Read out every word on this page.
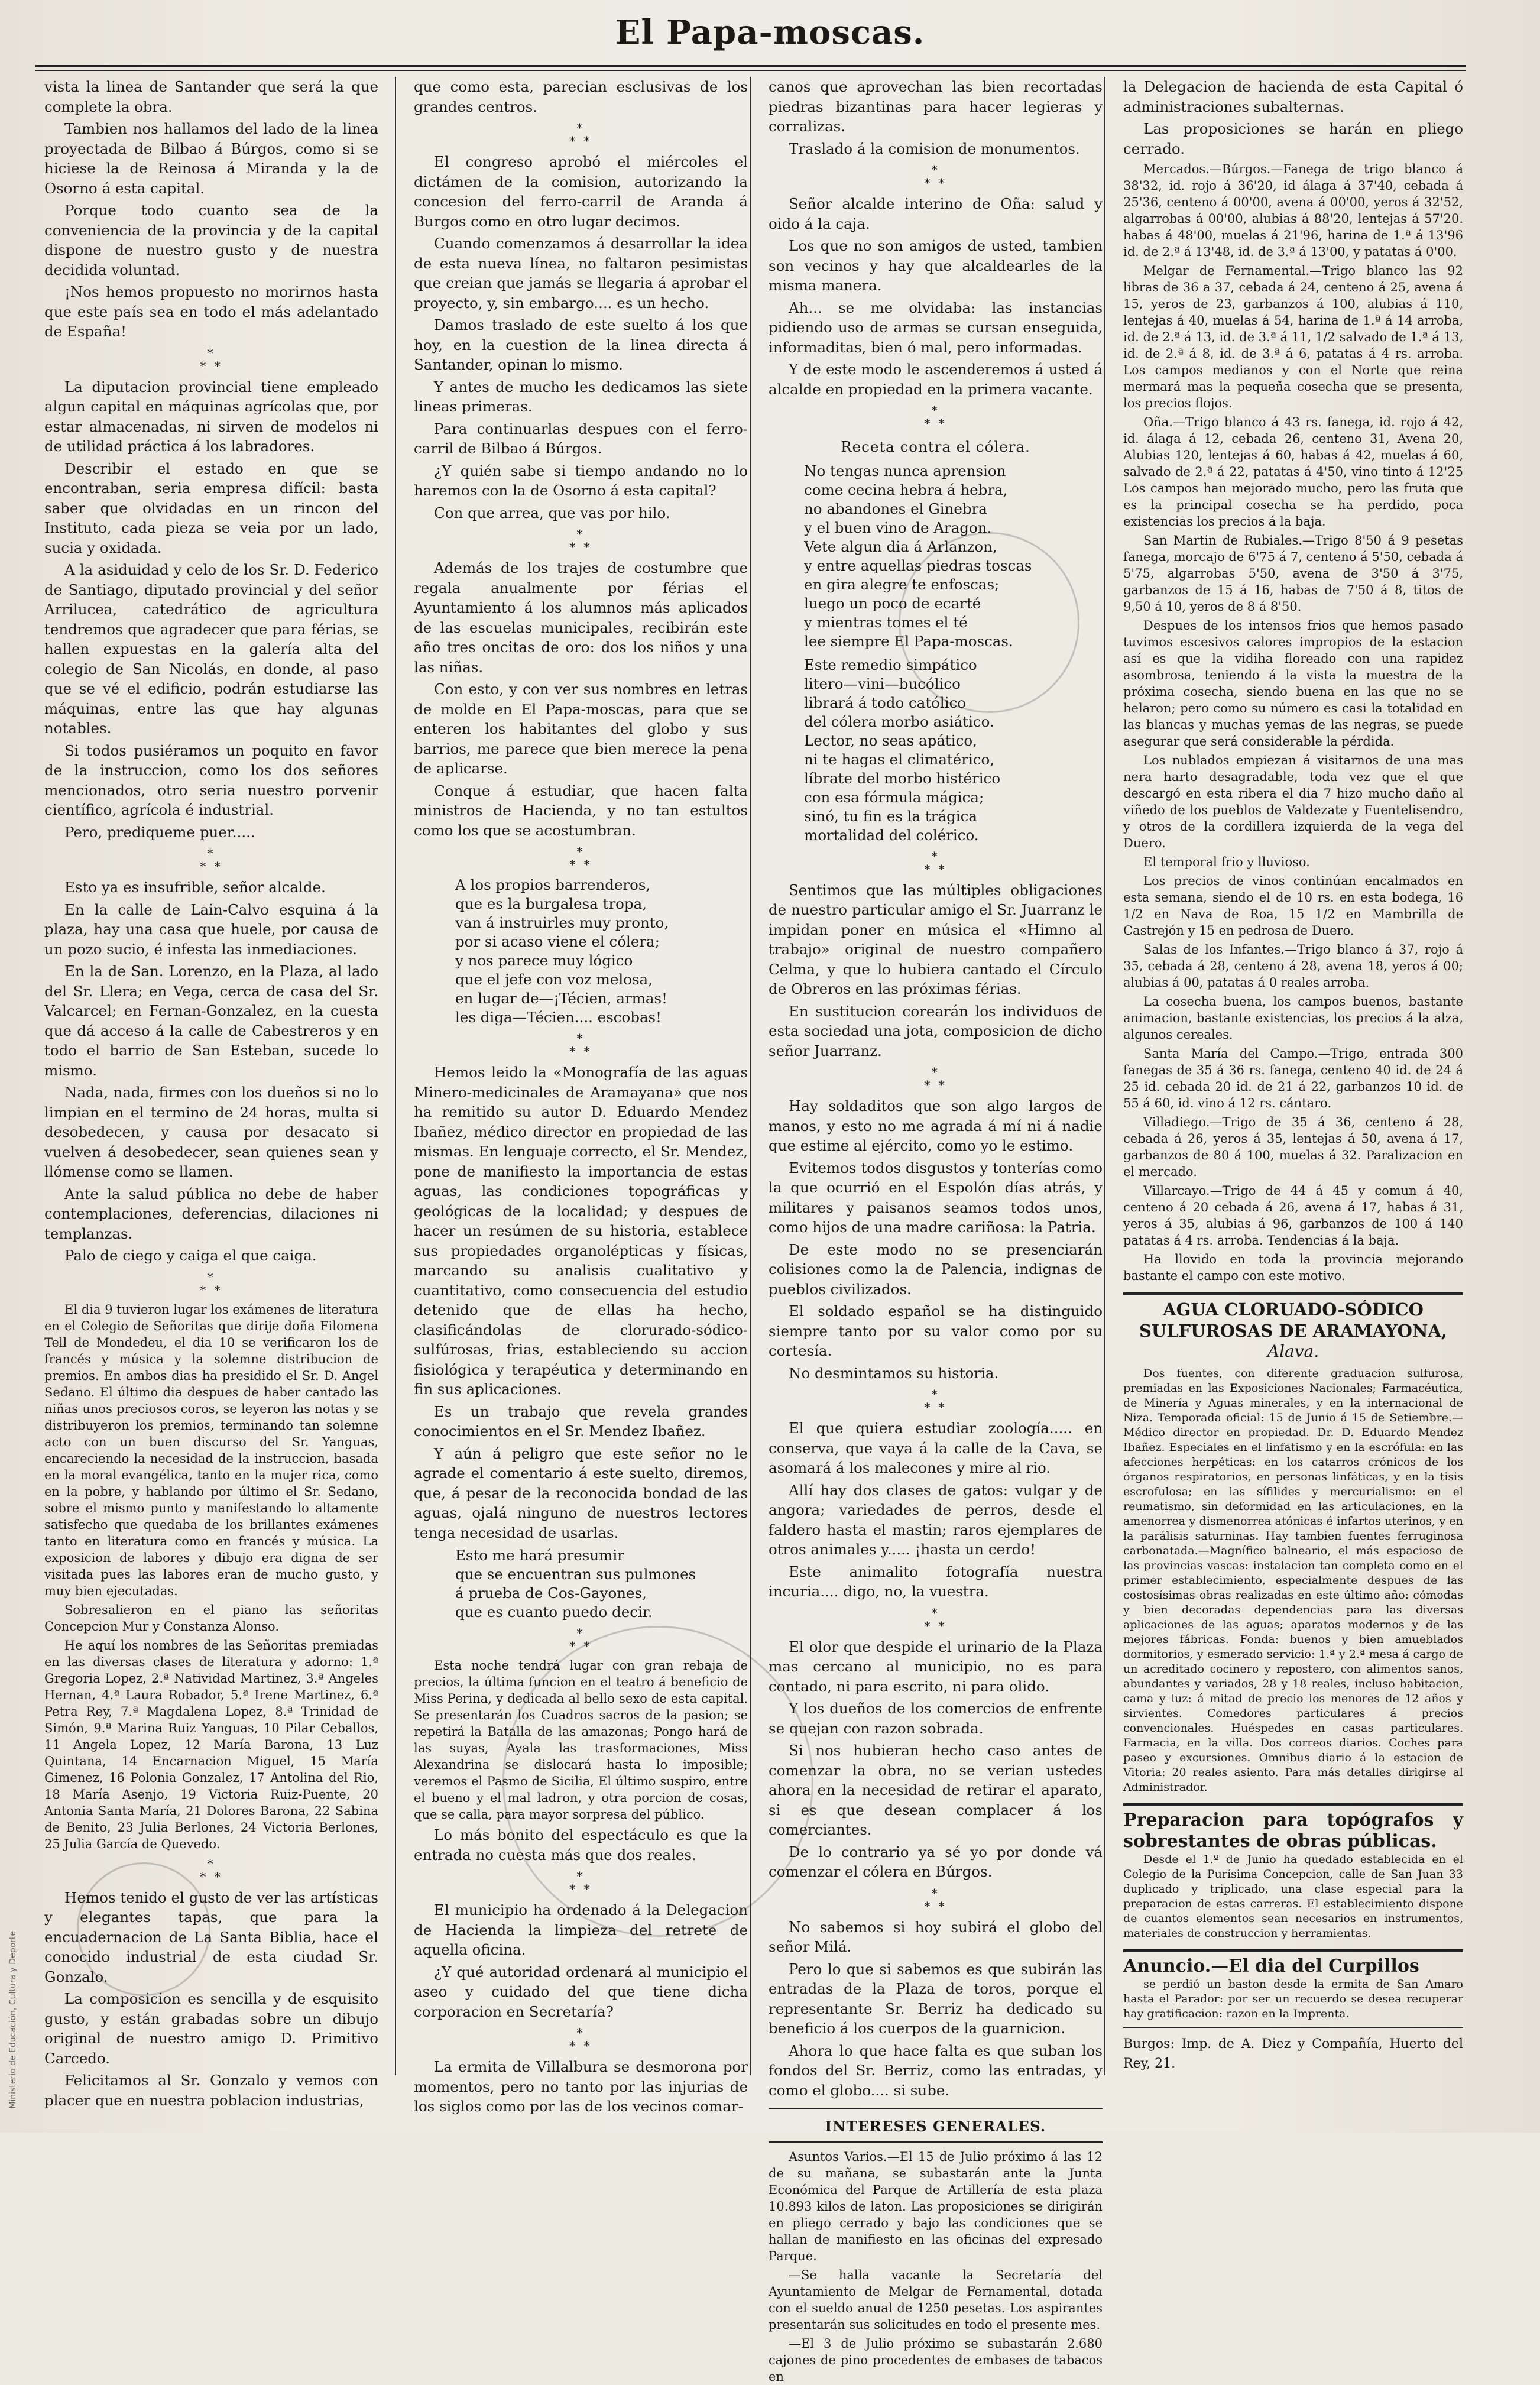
El Papa-moscas.

vista la linea de Santander que será la que complete la obra.

Tambien nos hallamos del lado de la linea proyectada de Bilbao á Búrgos, como si se hiciese la de Reinosa á Miranda y la de Osorno á esta capital.

Porque todo cuanto sea de la conveniencia de la provincia y de la capital dispone de nuestro gusto y de nuestra decidida voluntad.

¡Nos hemos propuesto no morirnos hasta que este país sea en todo el más adelantado de España!

*
* *

La diputacion provincial tiene empleado algun capital en máquinas agrícolas que, por estar almacenadas, ni sirven de modelos ni de utilidad práctica á los labradores.

Describir el estado en que se encontraban, seria empresa difícil: basta saber que olvidadas en un rincon del Instituto, cada pieza se veia por un lado, sucia y oxidada.

A la asiduidad y celo de los Sr. D. Federico de Santiago, diputado provincial y del señor Arrilucea, catedrático de agricultura tendremos que agradecer que para férias, se hallen expuestas en la galería alta del colegio de San Nicolás, en donde, al paso que se vé el edificio, podrán estudiarse las máquinas, entre las que hay algunas notables.

Si todos pusiéramos un poquito en favor de la instruccion, como los dos señores mencionados, otro seria nuestro porvenir científico, agrícola é industrial.

Pero, prediqueme puer.....

*
* *

Esto ya es insufrible, señor alcalde.

En la calle de Lain-Calvo esquina á la plaza, hay una casa que huele, por causa de un pozo sucio, é infesta las inmediaciones.

En la de San. Lorenzo, en la Plaza, al lado del Sr. Llera; en Vega, cerca de casa del Sr. Valcarcel; en Fernan-Gonzalez, en la cuesta que dá acceso á la calle de Cabestreros y en todo el barrio de San Esteban, sucede lo mismo.

Nada, nada, firmes con los dueños si no lo limpian en el termino de 24 horas, multa si desobedecen, y causa por desacato si vuelven á desobedecer, sean quienes sean y llómense como se llamen.

Ante la salud pública no debe de haber contemplaciones, deferencias, dilaciones ni templanzas.

Palo de ciego y caiga el que caiga.

*
* *

El dia 9 tuvieron lugar los exámenes de literatura en el Colegio de Señoritas que dirije doña Filomena Tell de Mondedeu, el dia 10 se verificaron los de francés y música y la solemne distribucion de premios. En ambos dias ha presidido el Sr. D. Angel Sedano. El último dia despues de haber cantado las niñas unos preciosos coros, se leyeron las notas y se distribuyeron los premios, terminando tan solemne acto con un buen discurso del Sr. Yanguas, encareciendo la necesidad de la instruccion, basada en la moral evangélica, tanto en la mujer rica, como en la pobre, y hablando por último el Sr. Sedano, sobre el mismo punto y manifestando lo altamente satisfecho que quedaba de los brillantes exámenes tanto en literatura como en francés y música. La exposicion de labores y dibujo era digna de ser visitada pues las labores eran de mucho gusto, y muy bien ejecutadas.

Sobresalieron en el piano las señoritas Concepcion Mur y Constanza Alonso.

He aquí los nombres de las Señoritas premiadas en las diversas clases de literatura y adorno: 1.ª Gregoria Lopez, 2.ª Natividad Martinez, 3.ª Angeles Hernan, 4.ª Laura Robador, 5.ª Irene Martinez, 6.ª Petra Rey, 7.ª Magdalena Lopez, 8.ª Trinidad de Simón, 9.ª Marina Ruiz Yanguas, 10 Pilar Ceballos, 11 Angela Lopez, 12 María Barona, 13 Luz Quintana, 14 Encarnacion Miguel, 15 María Gimenez, 16 Polonia Gonzalez, 17 Antolina del Rio, 18 María Asenjo, 19 Victoria Ruiz-Puente, 20 Antonia Santa María, 21 Dolores Barona, 22 Sabina de Benito, 23 Julia Berlones, 24 Victoria Berlones, 25 Julia García de Quevedo.

*
* *

Hemos tenido el gusto de ver las artísticas y elegantes tapas, que para la encuadernacion de La Santa Biblia, hace el conocido industrial de esta ciudad Sr. Gonzalo.

La composicion es sencilla y de esquisito gusto, y están grabadas sobre un dibujo original de nuestro amigo D. Primitivo Carcedo.

Felicitamos al Sr. Gonzalo y vemos con placer que en nuestra poblacion industrias,

que como esta, parecian esclusivas de los grandes centros.

*
* *

El congreso aprobó el miércoles el dictámen de la comision, autorizando la concesion del ferro-carril de Aranda á Burgos como en otro lugar decimos.

Cuando comenzamos á desarrollar la idea de esta nueva línea, no faltaron pesimistas que creian que jamás se llegaria á aprobar el proyecto, y, sin embargo.... es un hecho.

Damos traslado de este suelto á los que hoy, en la cuestion de la linea directa á Santander, opinan lo mismo.

Y antes de mucho les dedicamos las siete lineas primeras.

Para continuarlas despues con el ferro-carril de Bilbao á Búrgos.

¿Y quién sabe si tiempo andando no lo haremos con la de Osorno á esta capital?

Con que arrea, que vas por hilo.

*
* *

Además de los trajes de costumbre que regala anualmente por férias el Ayuntamiento á los alumnos más aplicados de las escuelas municipales, recibirán este año tres oncitas de oro: dos los niños y una las niñas.

Con esto, y con ver sus nombres en letras de molde en El Papa-moscas, para que se enteren los habitantes del globo y sus barrios, me parece que bien merece la pena de aplicarse.

Conque á estudiar, que hacen falta ministros de Hacienda, y no tan estultos como los que se acostumbran.

*
* *
A los propios barrenderos,
que es la burgalesa tropa,
van á instruirles muy pronto,
por si acaso viene el cólera;
y nos parece muy lógico
que el jefe con voz melosa,
en lugar de—¡Técien, armas!
les diga—Técien.... escobas!
*
* *

Hemos leido la «Monografía de las aguas Minero-medicinales de Aramayana» que nos ha remitido su autor D. Eduardo Mendez Ibañez, médico director en propiedad de las mismas. En lenguaje correcto, el Sr. Mendez, pone de manifiesto la importancia de estas aguas, las condiciones topográficas y geológicas de la localidad; y despues de hacer un resúmen de su historia, establece sus propiedades organolépticas y físicas, marcando su analisis cualitativo y cuantitativo, como consecuencia del estudio detenido que de ellas ha hecho, clasificándolas de clorurado-sódico-sulfúrosas, frias, estableciendo su accion fisiológica y terapéutica y determinando en fin sus aplicaciones.

Es un trabajo que revela grandes conocimientos en el Sr. Mendez Ibañez.

Y aún á peligro que este señor no le agrade el comentario á este suelto, diremos, que, á pesar de la reconocida bondad de las aguas, ojalá ninguno de nuestros lectores tenga necesidad de usarlas.

Esto me hará presumir
que se encuentran sus pulmones
á prueba de Cos-Gayones,
que es cuanto puedo decir.
*
* *

Esta noche tendrá lugar con gran rebaja de precios, la última funcion en el teatro á beneficio de Miss Perina, y dedicada al bello sexo de esta capital. Se presentarán los Cuadros sacros de la pasion; se repetirá la Batalla de las amazonas; Pongo hará de las suyas, Ayala las trasformaciones, Miss Alexandrina se dislocará hasta lo imposible; veremos el Pasmo de Sicilia, El último suspiro, entre el bueno y el mal ladron, y otra porcion de cosas, que se calla, para mayor sorpresa del público.

Lo más bonito del espectáculo es que la entrada no cuesta más que dos reales.

*
* *

El municipio ha ordenado á la Delegacion de Hacienda la limpieza del retrete de aquella oficina.

¿Y qué autoridad ordenará al municipio el aseo y cuidado del que tiene dicha corporacion en Secretaría?

*
* *

La ermita de Villalbura se desmorona por momentos, pero no tanto por las injurias de los siglos como por las de los vecinos comar-

canos que aprovechan las bien recortadas piedras bizantinas para hacer legieras y corralizas.

Traslado á la comision de monumentos.

*
* *

Señor alcalde interino de Oña: salud y oido á la caja.

Los que no son amigos de usted, tambien son vecinos y hay que alcaldearles de la misma manera.

Ah... se me olvidaba: las instancias pidiendo uso de armas se cursan enseguida, informaditas, bien ó mal, pero informadas.

Y de este modo le ascenderemos á usted á alcalde en propiedad en la primera vacante.

*
* *
Receta contra el cólera.
No tengas nunca aprension
come cecina hebra á hebra,
no abandones el Ginebra
y el buen vino de Aragon.
Vete algun dia á Arlanzon,
y entre aquellas piedras toscas
en gira alegre te enfoscas;
luego un poco de ecarté
y mientras tomes el té
lee siempre El Papa-moscas.
Este remedio simpático
litero—vini—bucólico
librará á todo católico
del cólera morbo asiático.
Lector, no seas apático,
ni te hagas el climatérico,
líbrate del morbo histérico
con esa fórmula mágica;
sinó, tu fin es la trágica
mortalidad del colérico.
*
* *

Sentimos que las múltiples obligaciones de nuestro particular amigo el Sr. Juarranz le impidan poner en música el «Himno al trabajo» original de nuestro compañero Celma, y que lo hubiera cantado el Círculo de Obreros en las próximas férias.

En sustitucion corearán los individuos de esta sociedad una jota, composicion de dicho señor Juarranz.

*
* *

Hay soldaditos que son algo largos de manos, y esto no me agrada á mí ni á nadie que estime al ejército, como yo le estimo.

Evitemos todos disgustos y tonterías como la que ocurrió en el Espolón días atrás, y militares y paisanos seamos todos unos, como hijos de una madre cariñosa: la Patria.

De este modo no se presenciarán colisiones como la de Palencia, indignas de pueblos civilizados.

El soldado español se ha distinguido siempre tanto por su valor como por su cortesía.

No desmintamos su historia.

*
* *

El que quiera estudiar zoología..... en conserva, que vaya á la calle de la Cava, se asomará á los malecones y mire al rio.

Allí hay dos clases de gatos: vulgar y de angora; variedades de perros, desde el faldero hasta el mastin; raros ejemplares de otros animales y..... ¡hasta un cerdo!

Este animalito fotografía nuestra incuria.... digo, no, la vuestra.

*
* *

El olor que despide el urinario de la Plaza mas cercano al municipio, no es para contado, ni para escrito, ni para olido.

Y los dueños de los comercios de enfrente se quejan con razon sobrada.

Si nos hubieran hecho caso antes de comenzar la obra, no se verian ustedes ahora en la necesidad de retirar el aparato, si es que desean complacer á los comerciantes.

De lo contrario ya sé yo por donde vá comenzar el cólera en Búrgos.

*
* *

No sabemos si hoy subirá el globo del señor Milá.

Pero lo que si sabemos es que subirán las entradas de la Plaza de toros, porque el representante Sr. Berriz ha dedicado su beneficio á los cuerpos de la guarnicion.

Ahora lo que hace falta es que suban los fondos del Sr. Berriz, como las entradas, y como el globo.... si sube.

INTERESES GENERALES.

Asuntos Varios.—El 15 de Julio próximo á las 12 de su mañana, se subastarán ante la Junta Económica del Parque de Artillería de esta plaza 10.893 kilos de laton. Las proposiciones se dirigirán en pliego cerrado y bajo las condiciones que se hallan de manifiesto en las oficinas del expresado Parque.

—Se halla vacante la Secretaría del Ayuntamiento de Melgar de Fernamental, dotada con el sueldo anual de 1250 pesetas. Los aspirantes presentarán sus solicitudes en todo el presente mes.

—El 3 de Julio próximo se subastarán 2.680 cajones de pino procedentes de embases de tabacos en

la Delegacion de hacienda de esta Capital ó administraciones subalternas.

Las proposiciones se harán en pliego cerrado.

Mercados.—Búrgos.—Fanega de trigo blanco á 38'32, id. rojo á 36'20, id álaga á 37'40, cebada á 25'36, centeno á 00'00, avena á 00'00, yeros á 32'52, algarrobas á 00'00, alubias á 88'20, lentejas á 57'20. habas á 48'00, muelas á 21'96, harina de 1.ª á 13'96 id. de 2.ª á 13'48, id. de 3.ª á 13'00, y patatas á 0'00.

Melgar de Fernamental.—Trigo blanco las 92 libras de 36 a 37, cebada á 24, centeno á 25, avena á 15, yeros de 23, garbanzos á 100, alubias á 110, lentejas á 40, muelas á 54, harina de 1.ª á 14 arroba, id. de 2.ª á 13, id. de 3.ª á 11, 1/2 salvado de 1.ª á 13, id. de 2.ª á 8, id. de 3.ª á 6, patatas á 4 rs. arroba. Los campos medianos y con el Norte que reina mermará mas la pequeña cosecha que se presenta, los precios flojos.

Oña.—Trigo blanco á 43 rs. fanega, id. rojo á 42, id. álaga á 12, cebada 26, centeno 31, Avena 20, Alubias 120, lentejas á 60, habas á 42, muelas á 60, salvado de 2.ª á 22, patatas á 4'50, vino tinto á 12'25 Los campos han mejorado mucho, pero las fruta que es la principal cosecha se ha perdido, poca existencias los precios á la baja.

San Martin de Rubiales.—Trigo 8'50 á 9 pesetas fanega, morcajo de 6'75 á 7, centeno á 5'50, cebada á 5'75, algarrobas 5'50, avena de 3'50 á 3'75, garbanzos de 15 á 16, habas de 7'50 á 8, titos de 9,50 á 10, yeros de 8 á 8'50.

Despues de los intensos frios que hemos pasado tuvimos escesivos calores impropios de la estacion así es que la vidiha floreado con una rapidez asombrosa, teniendo á la vista la muestra de la próxima cosecha, siendo buena en las que no se helaron; pero como su número es casi la totalidad en las blancas y muchas yemas de las negras, se puede asegurar que será considerable la pérdida.

Los nublados empiezan á visitarnos de una mas nera harto desagradable, toda vez que el que descargó en esta ribera el dia 7 hizo mucho daño al viñedo de los pueblos de Valdezate y Fuentelisendro, y otros de la cordillera izquierda de la vega del Duero.

El temporal frio y lluvioso.

Los precios de vinos continúan encalmados en esta semana, siendo el de 10 rs. en esta bodega, 16 1/2 en Nava de Roa, 15 1/2 en Mambrilla de Castrejón y 15 en pedrosa de Duero.

Salas de los Infantes.—Trigo blanco á 37, rojo á 35, cebada á 28, centeno á 28, avena 18, yeros á 00; alubias á 00, patatas á 0 reales arroba.

La cosecha buena, los campos buenos, bastante animacion, bastante existencias, los precios á la alza, algunos cereales.

Santa María del Campo.—Trigo, entrada 300 fanegas de 35 á 36 rs. fanega, centeno 40 id. de 24 á 25 id. cebada 20 id. de 21 á 22, garbanzos 10 id. de 55 á 60, id. vino á 12 rs. cántaro.

Villadiego.—Trigo de 35 á 36, centeno á 28, cebada á 26, yeros á 35, lentejas á 50, avena á 17, garbanzos de 80 á 100, muelas á 32. Paralizacion en el mercado.

Villarcayo.—Trigo de 44 á 45 y comun á 40, centeno á 20 cebada á 26, avena á 17, habas á 31, yeros á 35, alubias á 96, garbanzos de 100 á 140 patatas á 4 rs. arroba. Tendencias á la baja.

Ha llovido en toda la provincia mejorando bastante el campo con este motivo.

AGUA CLORUADO-SÓDICO SULFUROSAS DE ARAMAYONA,
Alava.

Dos fuentes, con diferente graduacion sulfurosa, premiadas en las Exposiciones Nacionales; Farmacéutica, de Minería y Aguas minerales, y en la internacional de Niza. Temporada oficial: 15 de Junio á 15 de Setiembre.—Médico director en propiedad. Dr. D. Eduardo Mendez Ibañez. Especiales en el linfatismo y en la escrófula: en las afecciones herpéticas: en los catarros crónicos de los órganos respiratorios, en personas linfáticas, y en la tisis escrofulosa; en las sífilides y mercurialismo: en el reumatismo, sin deformidad en las articulaciones, en la amenorrea y dismenorrea atónicas é infartos uterinos, y en la parálisis saturninas. Hay tambien fuentes ferruginosa carbonatada.—Magnífico balneario, el más espacioso de las provincias vascas: instalacion tan completa como en el primer establecimiento, especialmente despues de las costosísimas obras realizadas en este último año: cómodas y bien decoradas dependencias para las diversas aplicaciones de las aguas; aparatos modernos y de las mejores fábricas. Fonda: buenos y bien amueblados dormitorios, y esmerado servicio: 1.ª y 2.ª mesa á cargo de un acreditado cocinero y repostero, con alimentos sanos, abundantes y variados, 28 y 18 reales, incluso habitacion, cama y luz: á mitad de precio los menores de 12 años y sirvientes. Comedores particulares á precios convencionales. Huéspedes en casas particulares. Farmacia, en la villa. Dos correos diarios. Coches para paseo y excursiones. Omnibus diario á la estacion de Vitoria: 20 reales asiento. Para más detalles dirigirse al Administrador.

Preparacion para topógrafos y sobrestantes de obras públicas.

Desde el 1.º de Junio ha quedado establecida en el Colegio de la Purísima Concepcion, calle de San Juan 33 duplicado y triplicado, una clase especial para la preparacion de estas carreras. El establecimiento dispone de cuantos elementos sean necesarios en instrumentos, materiales de construccion y herramientas.

Anuncio.—El dia del Curpillos

se perdió un baston desde la ermita de San Amaro hasta el Parador: por ser un recuerdo se desea recuperar hay gratificacion: razon en la Imprenta.

Burgos: Imp. de A. Diez y Compañía, Huerto del Rey, 21.
Ministerio de Educación, Cultura y Deporte
